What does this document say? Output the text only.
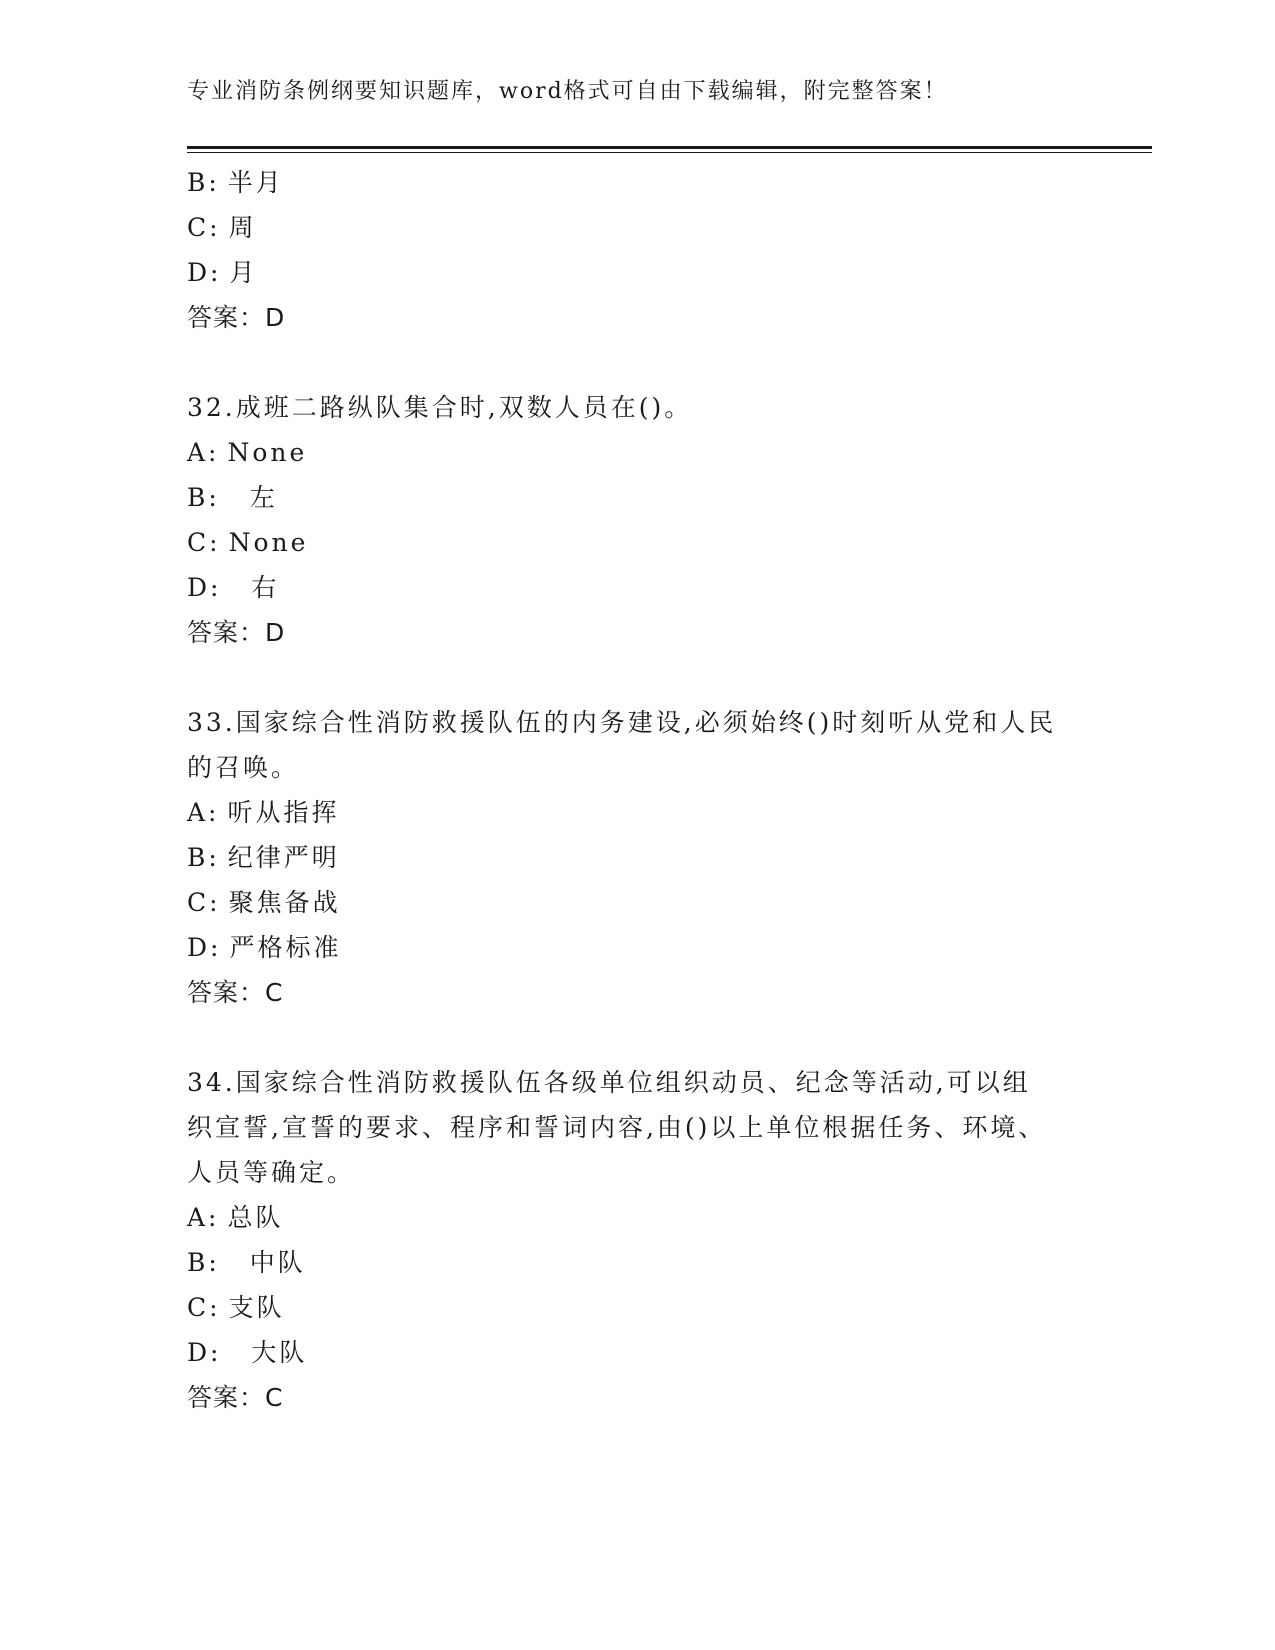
专业消防条例纲要知识题库，word格式可自由下载编辑，附完整答案！
B: 半月
C: 周
D: 月
答案：D
32.成班二路纵队集合时,双数人员在()。
A: None
B:  左
C: None
D:  右
答案：D
33.国家综合性消防救援队伍的内务建设,必须始终()时刻听从党和人民的召唤。
A: 听从指挥
B: 纪律严明
C: 聚焦备战
D: 严格标准
答案：C
34.国家综合性消防救援队伍各级单位组织动员、纪念等活动,可以组织宣誓,宣誓的要求、程序和誓词内容,由()以上单位根据任务、环境、人员等确定。
A: 总队
B:  中队
C: 支队
D:  大队
答案：C
